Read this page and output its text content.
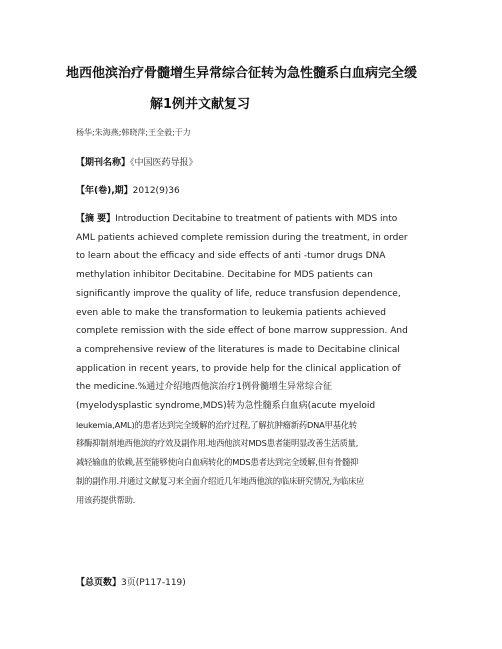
地西他滨治疗骨髓增生异常综合征转为急性髓系白血病完全缓
解1例并文献复习
杨华;朱海燕;韩晓萍;王全毅;于力
【期刊名称】《中国医药导报》
【年(卷),期】2012(9)36
【摘 要】Introduction Decitabine to treatment of patients with MDS into
AML patients achieved complete remission during the treatment, in order
to learn about the efficacy and side effects of anti -tumor drugs DNA
methylation inhibitor Decitabine. Decitabine for MDS patients can
significantly improve the quality of life, reduce transfusion dependence,
even able to make the transformation to leukemia patients achieved
complete remission with the side effect of bone marrow suppression. And
a comprehensive review of the literatures is made to Decitabine clinical
application in recent years, to provide help for the clinical application of
the medicine.%通过介绍地西他滨治疗1例骨髓增生异常综合征
(myelodysplastic syndrome,MDS)转为急性髓系白血病(acute myeloid
leukemia,AML)的患者达到完全缓解的治疗过程,了解抗肿瘤新药DNA甲基化转
移酶抑制剂地西他滨的疗效及副作用.地西他滨对MDS患者能明显改善生活质量,
减轻输血的依赖,甚至能够使向白血病转化的MDS患者达到完全缓解,但有骨髓抑
制的副作用.并通过文献复习来全面介绍近几年地西他滨的临床研究情况,为临床应
用该药提供帮助.
【总页数】3页(P117-119)
